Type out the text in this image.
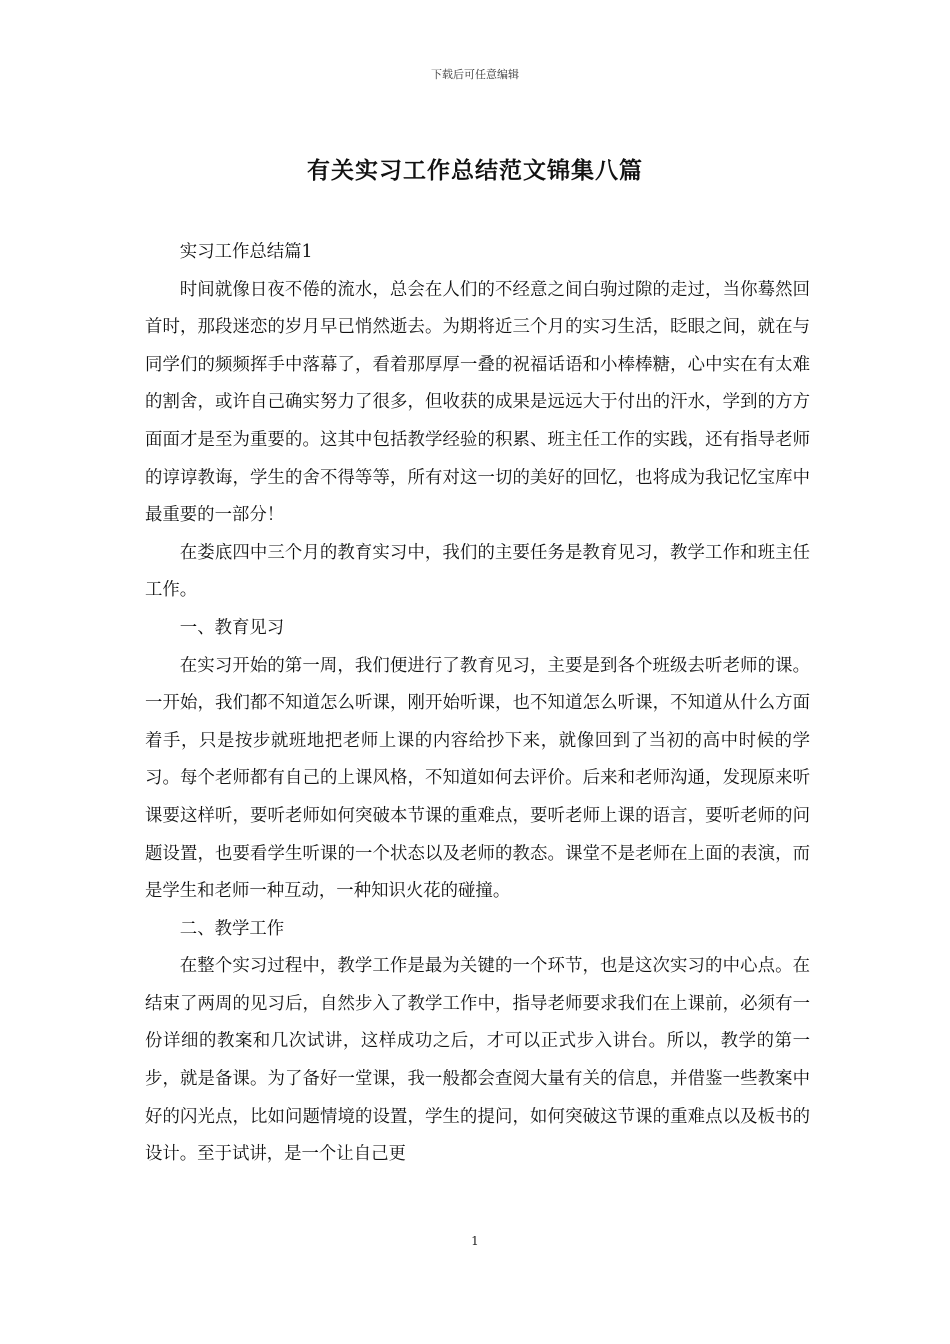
下载后可任意编辑
有关实习工作总结范文锦集八篇

实习工作总结篇1

时间就像日夜不倦的流水，总会在人们的不经意之间白驹过隙的走过，当你蓦然回首时，那段迷恋的岁月早已悄然逝去。为期将近三个月的实习生活，眨眼之间，就在与同学们的频频挥手中落幕了，看着那厚厚一叠的祝福话语和小棒棒糖，心中实在有太难的割舍，或许自己确实努力了很多，但收获的成果是远远大于付出的汗水，学到的方方面面才是至为重要的。这其中包括教学经验的积累、班主任工作的实践，还有指导老师的谆谆教诲，学生的舍不得等等，所有对这一切的美好的回忆，也将成为我记忆宝库中最重要的一部分！

在娄底四中三个月的教育实习中，我们的主要任务是教育见习，教学工作和班主任工作。

一、教育见习

在实习开始的第一周，我们便进行了教育见习，主要是到各个班级去听老师的课。一开始，我们都不知道怎么听课，刚开始听课，也不知道怎么听课，不知道从什么方面着手，只是按步就班地把老师上课的内容给抄下来，就像回到了当初的高中时候的学习。每个老师都有自己的上课风格，不知道如何去评价。后来和老师沟通，发现原来听课要这样听，要听老师如何突破本节课的重难点，要听老师上课的语言，要听老师的问题设置，也要看学生听课的一个状态以及老师的教态。课堂不是老师在上面的表演，而是学生和老师一种互动，一种知识火花的碰撞。

二、教学工作

在整个实习过程中，教学工作是最为关键的一个环节，也是这次实习的中心点。在结束了两周的见习后，自然步入了教学工作中，指导老师要求我们在上课前，必须有一份详细的教案和几次试讲，这样成功之后，才可以正式步入讲台。所以，教学的第一步，就是备课。为了备好一堂课，我一般都会查阅大量有关的信息，并借鉴一些教案中好的闪光点，比如问题情境的设置，学生的提问，如何突破这节课的重难点以及板书的设计。至于试讲，是一个让自己更

1
